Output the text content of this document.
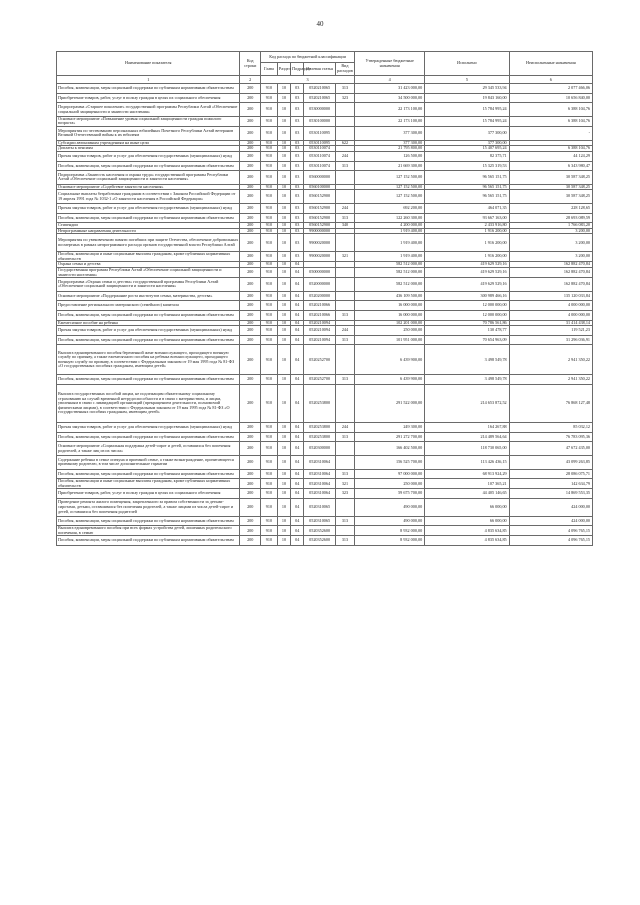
40
Наименование показателя	Код строки	Код расхода по бюджетной классификации					Утвержденные бюджетные назначения	Исполнено	Неисполненные назначения
		Глава	Раздел	Подраздел	Целевая статья	Вид расходов			
1	2	3					4	5	6
Пособия, компенсации, меры социальной поддержки по публичным нормативным обязательствам	200	910	10	03	0520210065	313	31 423 000,00	29 345 533,94	2 077 466,06
Приобретение товаров, работ, услуг в пользу граждан в целях их социального обеспечения	200	910	10	03	0520210065	323	34 500 000,00	19 843 160,00	10 656 840,00
Подпрограмма «Старшее поколение» государственной программы Республики Алтай «Обеспечение социальной защищенности и занятости населения»	200	910	10	03	0530000000		22 173 100,00	15 784 995,24	6 388 104,76
Основное мероприятие «Повышение уровня социальной защищенности граждан пожилого возраста»	200	910	10	03	0530100000		22 173 100,00	15 784 995,24	6 388 104,76
Мероприятия по чествованию персональных юбилейных Почетного Республики Алтай ветеранов Великой Отечественной войны к их юбилеям	200	910	10	03	0530110095		377 300,00	377 300,00	-
Субсидии автономным учреждениям на иные цели	200	910	10	03	0530110095	622	377 300,00	377 300,00	
Доплаты к пенсиям	200	910	10	03	0530110074		21 795 800,00	15 407 695,24	6 388 104,76
Прочая закупка товаров, работ и услуг для обеспечения государственных (муниципальных) нужд	200	910	10	03	0530110074	244	126 500,00	82 375,71	44 124,29
Пособия, компенсации, меры социальной поддержки по публичным нормативным обязательствам	200	910	10	03	0530110074	313	21 669 300,00	15 325 319,53	6 343 980,47
Подпрограмма «Занятость населения и охрана труда» государственной программы Республики Алтай «Обеспечение социальной защищенности и занятости населения»	200	910	10	03	0560000000		127 152 500,00	96 565 151,75	30 587 348,25
Основное мероприятие «Содействие занятости населения»	200	910	10	03	0560100000		127 152 500,00	96 565 151,75	30 587 348,25
Социальные выплаты безработным гражданам в соответствии с Законом Российской Федерации от 19 апреля 1991 года № 1032-1 «О занятости населения в Российской Федерации»	200	910	10	03	0560152900		127 152 500,00	96 565 151,75	30 587 348,25
Прочая закупка товаров, работ и услуг для обеспечения государственных (муниципальных) нужд	200	910	10	03	0560152900	244	692 200,00	464 071,35	228 128,65
Пособия, компенсации, меры социальной поддержки по публичным нормативным обязательствам	200	910	10	03	0560152900	313	122 260 300,00	93 667 163,00	28 693 089,59
Стипендии	200	910	10	03	0560152900	340	4 200 000,00	2 433 916,80	1 766 083,20
Непрограммные направления деятельности	200	910	10	03	9900000000		1 919 400,00	1 916 200,00	3 200,00
Мероприятия по увековечению памяти погибших при защите Отечества, обеспечение добровольных посмертных в рамках непрограммного расхода органов государственной власти Республики Алтай	200	910	10	03	9900020000		1 919 400,00	1 916 200,00	3 200,00
Пособия, компенсации и иные социальные выплаты гражданам, кроме публичных нормативных обязательств	200	910	10	03	9900020000	321	1 919 400,00	1 916 200,00	3 200,00
Охрана семьи и детства	200	910	10	04			582 512 000,00	419 629 529,16	162 882 470,84
Государственная программа Республики Алтай «Обеспечение социальной защищенности и занятости населения»	200	910	10	04	0500000000		582 512 000,00	419 629 529,16	162 882 470,84
Подпрограмма «Охрана семьи и детства» государственной программы Республики Алтай «Обеспечение социальной защищенности и занятости населения»	200	910	10	04	0520000000		582 512 000,00	419 629 529,16	162 882 470,84
Основное мероприятие «Поддержание роста институтов семьи, материнства, детства»	200	910	10	04	0520200000		436 109 500,00	300 989 466,16	135 120 033,84
Предоставление регионального материнского (семейного) капитала	200	910	10	04	0520210066		16 000 000,00	12 000 000,00	4 000 000,00
Пособия, компенсации, меры социальной поддержки по публичным нормативным обязательствам	200	910	10	04	0520210066	313	16 000 000,00	12 000 000,00	4 000 000,00
Ежемесячное пособие на ребенка	200	910	10	04	0520210094		102 201 000,00	70 786 561,86	31 414 438,14
Прочая закупка товаров, работ и услуг для обеспечения государственных (муниципальных) нужд	200	910	10	04	0520210094	244	250 000,00	130 478,77	119 521,23
Пособия, компенсации, меры социальной поддержки по публичным нормативным обязательствам	200	910	10	04	0520210094	313	101 951 000,00	70 654 963,09	31 296 036,91
Выплата единовременного пособия беременной жене военнослужащего, проходящего военную службу по призыву, а также ежемесячного пособия на ребенка военнослужащего, проходящего военную службу по призыву, в соответствии с Федеральным законом от 19 мая 1995 года № 81-ФЗ «О государственных пособиях гражданам, имеющим детей»	200	910	10	04	0520252700		6 439 900,00	3 498 549,78	2 941 350,22
Пособия, компенсации, меры социальной поддержки по публичным нормативным обязательствам	200	910	10	04	0520252700	313	6 439 900,00	3 498 549,78	2 941 350,22
Выплата государственных пособий лицам, не подлежащим обязательному социальному страхованию на случай временной нетрудоспособности и в связи с материнством, и лицам, уволенным в связи с ликвидацией организаций (прекращением деятельности, полномочий физическими лицами), в соответствии с Федеральным законом от 19 мая 1995 года № 81-ФЗ «О государственных пособиях гражданам, имеющим детей»	200	910	10	04	0520253800		291 522 000,00	214 653 872,52	76 868 127,48
Прочая закупка товаров, работ и услуг для обеспечения государственных (муниципальных) нужд	200	910	10	04	0520253800	244	249 300,00	164 267,88	85 032,12
Пособия, компенсации, меры социальной поддержки по публичным нормативным обязательствам	200	910	10	04	0520253800	313	291 272 700,00	214 489 564,64	76 783 095,36
Основное мероприятие «Социальная поддержка детей-сирот и детей, оставшихся без попечения родителей, а также лиц из их числа»	200	910	10	04	0520300000		166 402 500,00	118 730 065,00	47 672 435,00
Содержание ребенка в семье опекуна и приемной семье, а также вознаграждение, причитающееся приемному родителю, в том числе дополнительные гарантии	200	910	10	04	0520310064		156 525 700,00	113 426 436,15	43 099 263,85
Пособия, компенсации, меры социальной поддержки по публичным нормативным обязательствам	200	910	10	04	0520310064	313	97 000 000,00	68 913 924,29	28 086 075,71
Пособия, компенсации и иные социальные выплаты гражданам, кроме публичных нормативных обязательств	200	910	10	04	0520310064	321	250 000,00	107 365,21	142 634,79
Приобретение товаров, работ, услуг в пользу граждан в целях их социального обеспечения	200	910	10	04	0520310064	323	59 675 700,00	44 405 146,65	14 869 553,35
Проведение ремонта жилого помещения, закрепленного за правом собственности за детьми-сиротами, детьми, оставшимися без попечения родителей, а также лицами из числа детей-сирот и детей, оставшихся без попечения родителей	200	910	10	04	0520310065		490 000,00	66 000,00	424 000,00
Пособия, компенсации, меры социальной поддержки по публичным нормативным обязательствам	200	910	10	04	0520310065	313	490 000,00	66 000,00	424 000,00
Выплата единовременного пособия при всех формах устройства детей, лишенных родительского попечения, в семью	200	910	10	04	0520352600		8 932 000,00	4 835 634,85	4 096 765,15
Пособия, компенсации, меры социальной поддержки по публичным нормативным обязательствам	200	910	10	04	0520352600	313	8 932 000,00	4 835 634,85	4 096 765,15
